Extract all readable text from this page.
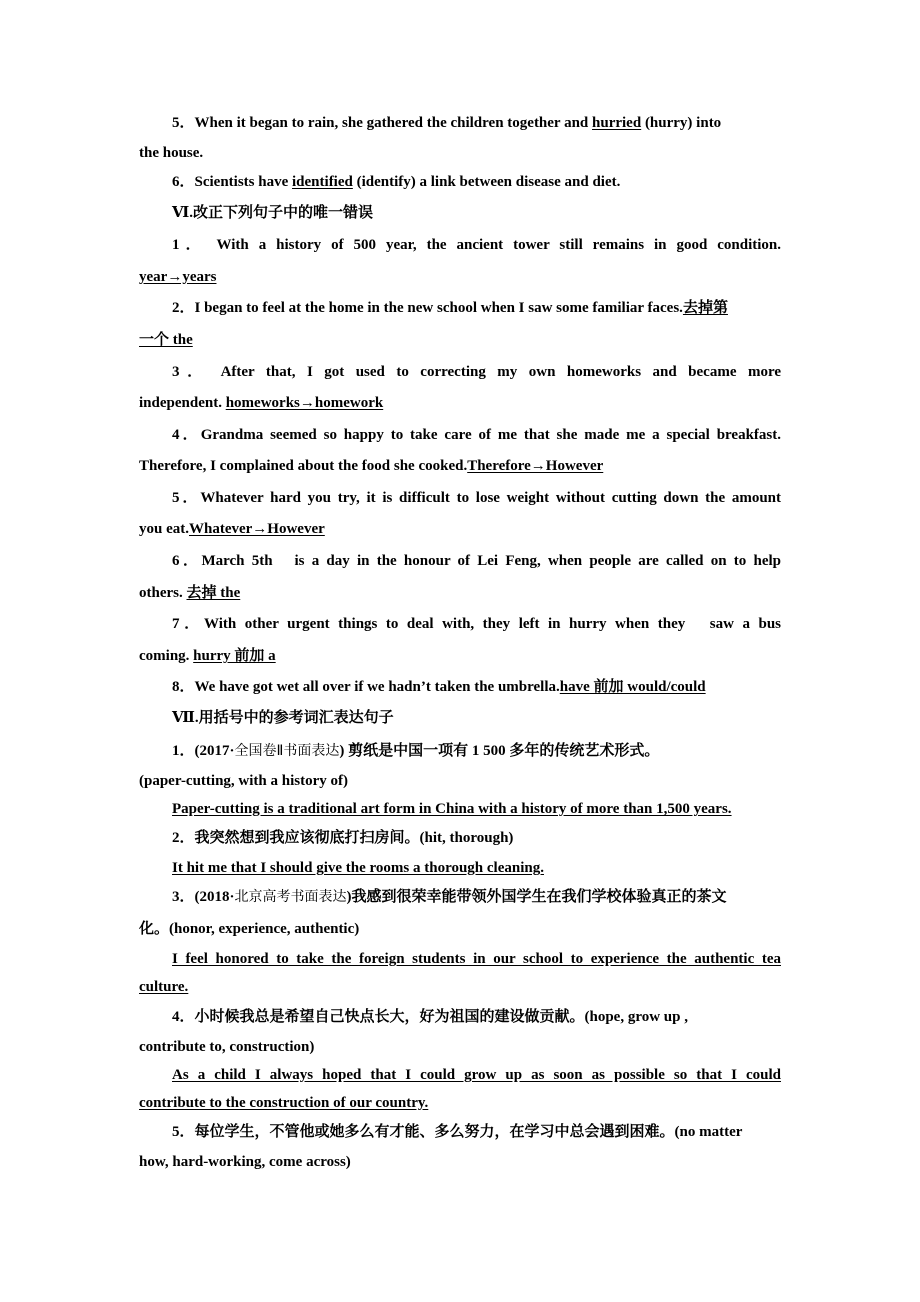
5．When it began to rain, she gathered the children together and hurried (hurry) into
the house.
6．Scientists have identified (identify) a link between disease and diet.
Ⅵ.改正下列句子中的唯一错误
1． With a history of 500 year, the ancient tower still remains in good condition.
year→years
2．I began to feel at the home in the new school when I saw some familiar faces.去掉第
一个 the
3． After that, I got used to correcting my own homeworks and became more
independent. homeworks→homework
4．Grandma seemed so happy to take care of me that she made me a special breakfast.
Therefore, I complained about the food she cooked.Therefore→However
5．Whatever hard you try, it is difficult to lose weight without cutting down the amount
you eat.Whatever→However
6．March 5th　is a day in the honour of Lei Feng, when people are called on to help
others. 去掉 the
7．With other urgent things to deal with, they left in hurry when they　saw a bus
coming. hurry 前加 a
8．We have got wet all over if we hadn’t taken the umbrella.have 前加 would/could
Ⅶ.用括号中的参考词汇表达句子
1．(2017·全国卷Ⅱ书面表达) 剪纸是中国一项有 1 500 多年的传统艺术形式。
(paper-cutting, with a history of)
Paper-cutting is a traditional art form in China with a history of more than 1,500 years.
2．我突然想到我应该彻底打扫房间。(hit, thorough)
It hit me that I should give the rooms a thorough cleaning.
3．(2018·北京高考书面表达)我感到很荣幸能带领外国学生在我们学校体验真正的茶文
化。(honor, experience, authentic)
I feel honored to take the foreign students in our school to experience the authentic tea
culture.
4．小时候我总是希望自己快点长大，好为祖国的建设做贡献。(hope, grow up ,
contribute to, construction)
As a child I always hoped that I could grow up as soon as possible so that I could
contribute to the construction of our country.
5．每位学生，不管他或她多么有才能、多么努力，在学习中总会遇到困难。(no matter
how, hard-working, come across)
